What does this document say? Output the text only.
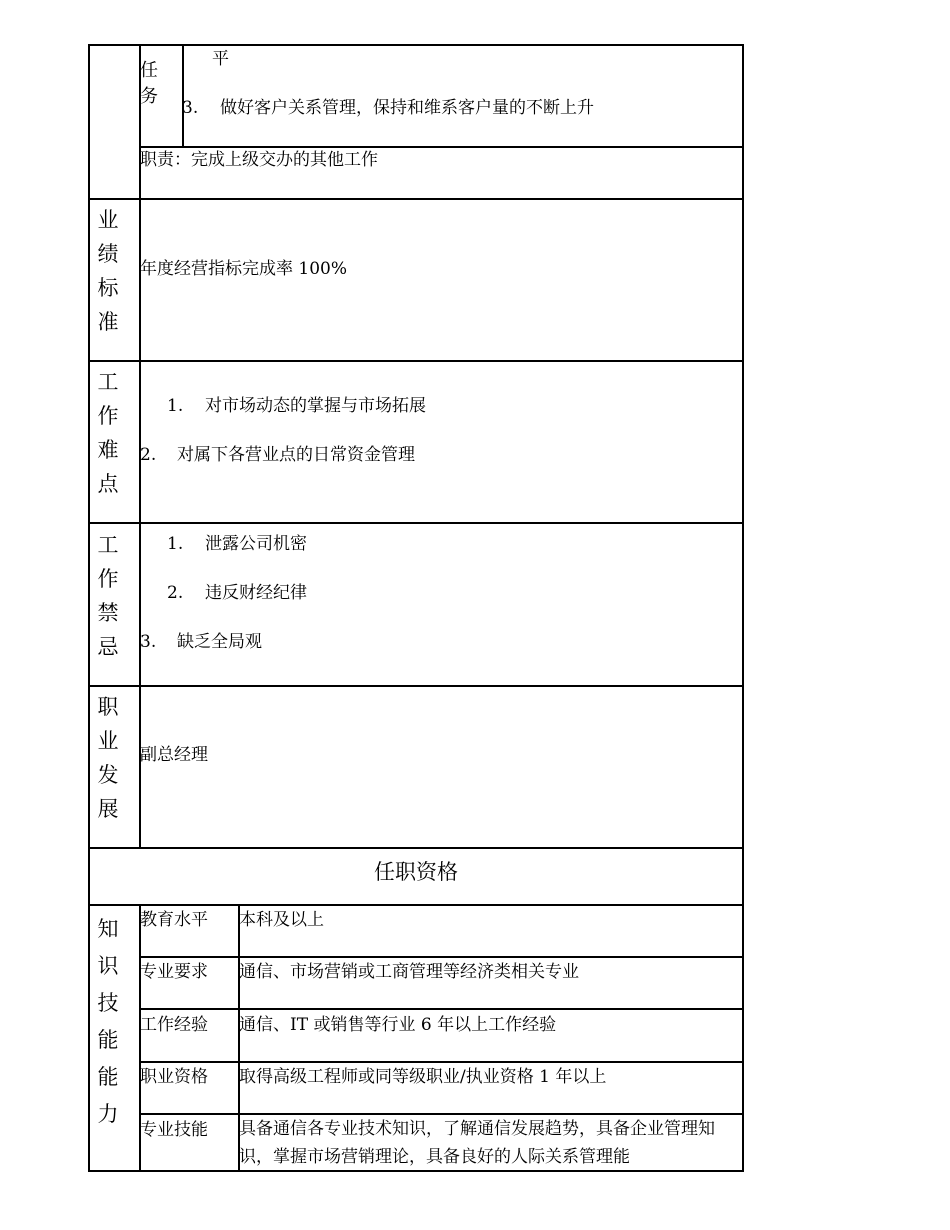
任
务
平
3. 做好客户关系管理，保持和维系客户量的不断上升
职责：完成上级交办的其他工作
业
绩
标
准
年度经营指标完成率 100%
工
作
难
点
1. 对市场动态的掌握与市场拓展
2. 对属下各营业点的日常资金管理
工
作
禁
忌
1. 泄露公司机密
2. 违反财经纪律
3. 缺乏全局观
职
业
发
展
副总经理
任职资格
知
识
技
能
能
力
教育水平 本科及以上
专业要求 通信、市场营销或工商管理等经济类相关专业
工作经验 通信、IT 或销售等行业 6 年以上工作经验
职业资格 取得高级工程师或同等级职业/执业资格 1 年以上
专业技能 具备通信各专业技术知识，了解通信发展趋势，具备企业管理知识，掌握市场营销理论，具备良好的人际关系管理能
